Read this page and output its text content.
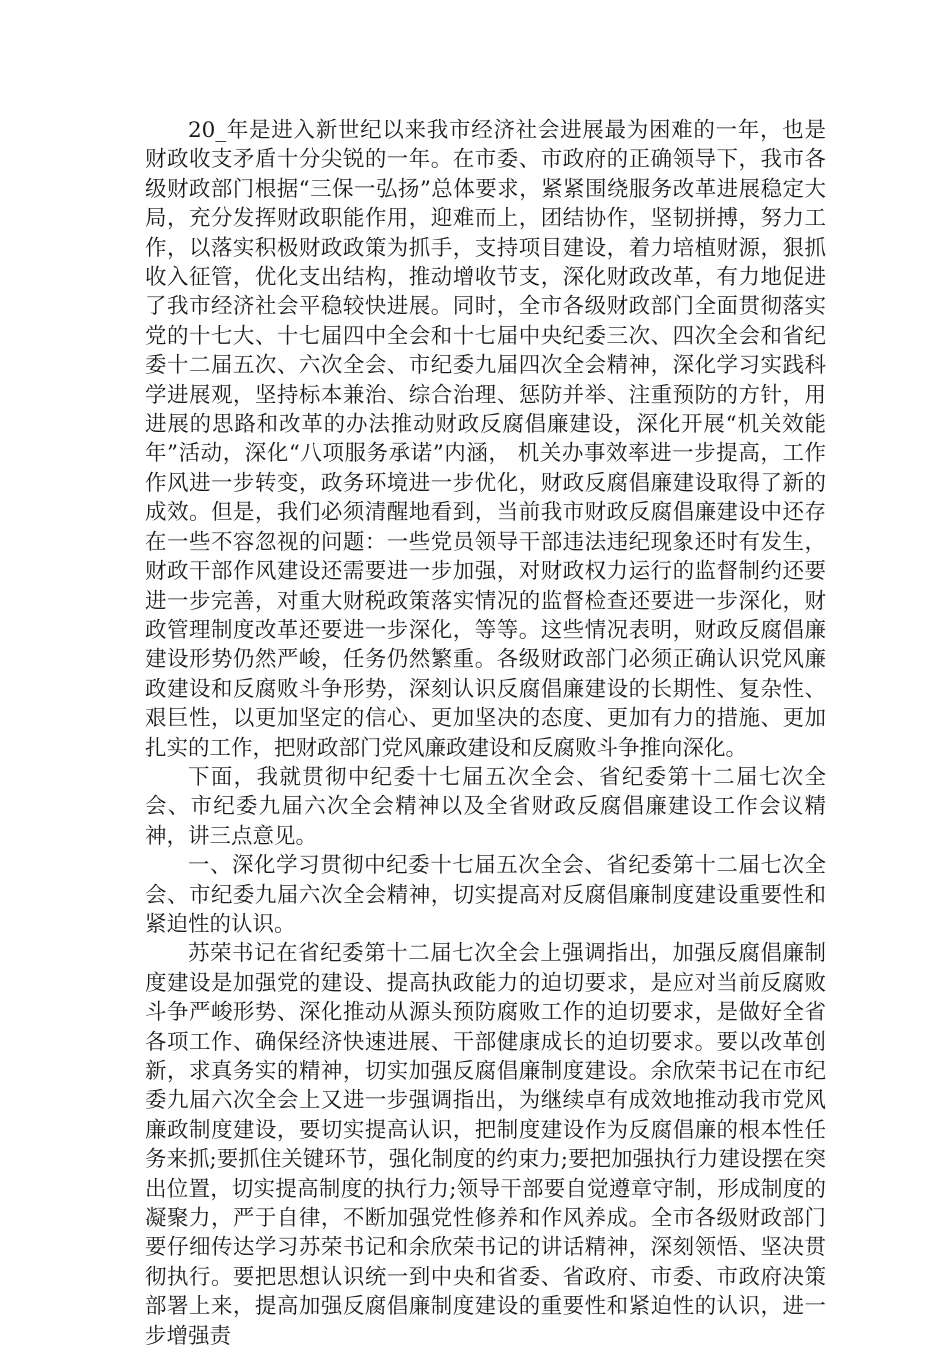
20_年是进入新世纪以来我市经济社会进展最为困难的一年，也是财政收支矛盾十分尖锐的一年。在市委、市政府的正确领导下，我市各级财政部门根据“三保一弘扬”总体要求，紧紧围绕服务改革进展稳定大局，充分发挥财政职能作用，迎难而上，团结协作，坚韧拼搏，努力工作，以落实积极财政政策为抓手，支持项目建设，着力培植财源，狠抓收入征管，优化支出结构，推动增收节支，深化财政改革，有力地促进了我市经济社会平稳较快进展。同时，全市各级财政部门全面贯彻落实党的十七大、十七届四中全会和十七届中央纪委三次、四次全会和省纪委十二届五次、六次全会、市纪委九届四次全会精神，深化学习实践科学进展观，坚持标本兼治、综合治理、惩防并举、注重预防的方针，用进展的思路和改革的办法推动财政反腐倡廉建设，深化开展“机关效能年”活动，深化“八项服务承诺”内涵， 机关办事效率进一步提高，工作作风进一步转变，政务环境进一步优化，财政反腐倡廉建设取得了新的成效。但是，我们必须清醒地看到，当前我市财政反腐倡廉建设中还存在一些不容忽视的问题：一些党员领导干部违法违纪现象还时有发生，财政干部作风建设还需要进一步加强，对财政权力运行的监督制约还要进一步完善，对重大财税政策落实情况的监督检查还要进一步深化，财政管理制度改革还要进一步深化，等等。这些情况表明，财政反腐倡廉建设形势仍然严峻，任务仍然繁重。各级财政部门必须正确认识党风廉政建设和反腐败斗争形势，深刻认识反腐倡廉建设的长期性、复杂性、艰巨性，以更加坚定的信心、更加坚决的态度、更加有力的措施、更加扎实的工作，把财政部门党风廉政建设和反腐败斗争推向深化。

下面，我就贯彻中纪委十七届五次全会、省纪委第十二届七次全会、市纪委九届六次全会精神以及全省财政反腐倡廉建设工作会议精神，讲三点意见。

一、深化学习贯彻中纪委十七届五次全会、省纪委第十二届七次全会、市纪委九届六次全会精神，切实提高对反腐倡廉制度建设重要性和紧迫性的认识。

苏荣书记在省纪委第十二届七次全会上强调指出，加强反腐倡廉制度建设是加强党的建设、提高执政能力的迫切要求，是应对当前反腐败斗争严峻形势、深化推动从源头预防腐败工作的迫切要求，是做好全省各项工作、确保经济快速进展、干部健康成长的迫切要求。要以改革创新，求真务实的精神，切实加强反腐倡廉制度建设。余欣荣书记在市纪委九届六次全会上又进一步强调指出，为继续卓有成效地推动我市党风廉政制度建设，要切实提高认识，把制度建设作为反腐倡廉的根本性任务来抓;要抓住关键环节，强化制度的约束力;要把加强执行力建设摆在突出位置，切实提高制度的执行力;领导干部要自觉遵章守制，形成制度的凝聚力，严于自律，不断加强党性修养和作风养成。全市各级财政部门要仔细传达学习苏荣书记和余欣荣书记的讲话精神，深刻领悟、坚决贯彻执行。要把思想认识统一到中央和省委、省政府、市委、市政府决策部署上来，提高加强反腐倡廉制度建设的重要性和紧迫性的认识，进一步增强责
